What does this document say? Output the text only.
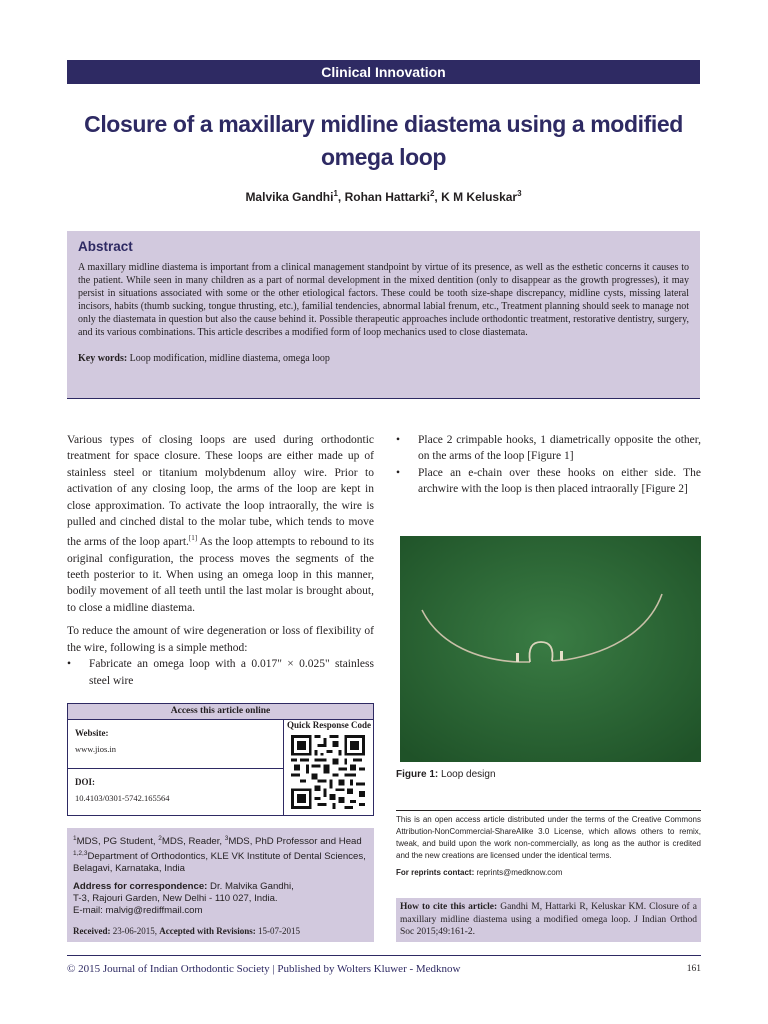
Clinical Innovation
Closure of a maxillary midline diastema using a modified
omega loop
Malvika Gandhi$^1$, Rohan Hattarki$^2$, K M Keluskar$^3$
Abstract

A maxillary midline diastema is important from a clinical management standpoint by virtue of its presence, as well as the esthetic concerns it causes to the patient. While seen in many children as a part of normal development in the mixed dentition (only to disappear as the growth progresses), it may persist in situations associated with some or the other etiological factors. These could be tooth size-shape discrepancy, midline cysts, missing lateral incisors, habits (thumb sucking, tongue thrusting, etc.), familial tendencies, abnormal labial frenum, etc., Treatment planning should seek to manage not only the diastemata in question but also the cause behind it. Possible therapeutic approaches include orthodontic treatment, restorative dentistry, surgery, and its various combinations. This article describes a modified form of loop mechanics used to close diastemata.

Key words: Loop modification, midline diastema, omega loop

Various types of closing loops are used during orthodontic treatment for space closure. These loops are either made up of stainless steel or titanium molybdenum alloy wire. Prior to activation of any closing loop, the arms of the loop are kept in close approximation. To activate the loop intraorally, the wire is pulled and cinched distal to the molar tube, which tends to move the arms of the loop apart.[1] As the loop attempts to rebound to its original configuration, the process moves the segments of the teeth posterior to it. When using an omega loop in this manner, bodily movement of all teeth until the last molar is brought about, to close a midline diastema.

To reduce the amount of wire degeneration or loss of flexibility of the wire, following is a simple method:

• Fabricate an omega loop with a 0.017" × 0.025" stainless steel wire
• Place 2 crimpable hooks, 1 diametrically opposite the other, on the arms of the loop [Figure 1]
• Place an e-chain over these hooks on either side. The archwire with the loop is then placed intraorally [Figure 2]
Access this article online
Website:
www.jios.in
DOI:
10.4103/0301-5742.165564
Quick Response Code

$^1$MDS, PG Student, $^2$MDS, Reader, $^3$MDS, PhD Professor and Head

$^{1,2,3}$Department of Orthodontics, KLE VK Institute of Dental Sciences, Belagavi, Karnataka, India

Address for correspondence: Dr. Malvika Gandhi,

T-3, Rajouri Garden, New Delhi - 110 027, India.

E-mail: malvig@rediffmail.com

Received: 23-06-2015, Accepted with Revisions: 15-07-2015

Figure 1: Loop design
This is an open access article distributed under the terms of the Creative Commons Attribution-NonCommercial-ShareAlike 3.0 License, which allows others to remix, tweak, and build upon the work non-commercially, as long as the author is credited and the new creations are licensed under the identical terms.
For reprints contact: reprints@medknow.com
How to cite this article: Gandhi M, Hattarki R, Keluskar KM. Closure of a maxillary midline diastema using a modified omega loop. J Indian Orthod Soc 2015;49:161-2.
© 2015 Journal of Indian Orthodontic Society | Published by Wolters Kluwer - Medknow	161
